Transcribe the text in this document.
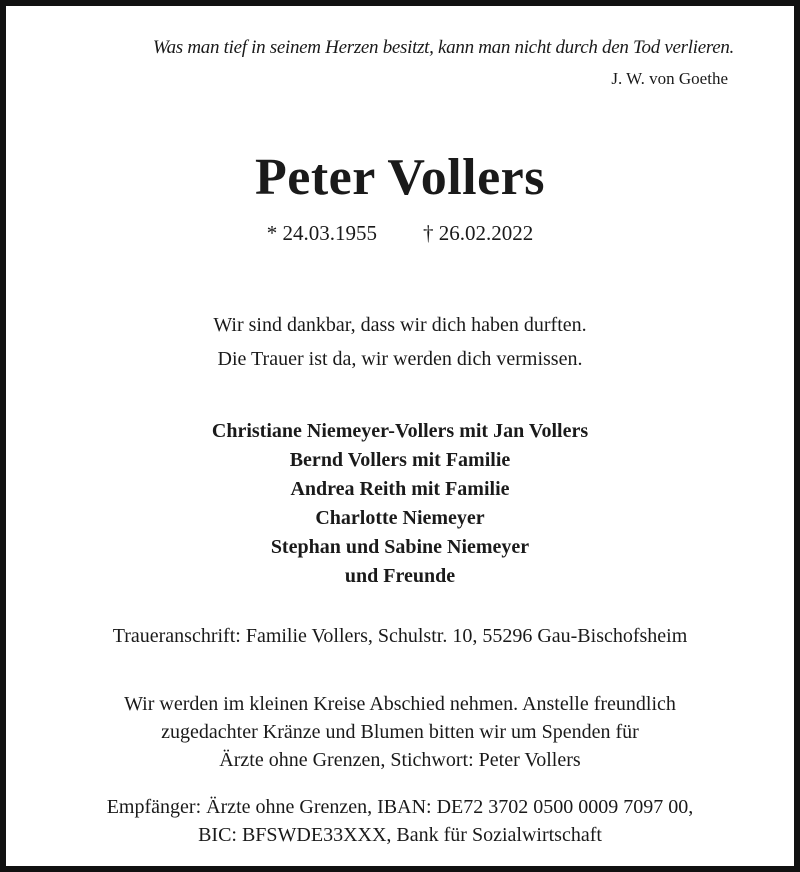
Was man tief in seinem Herzen besitzt, kann man nicht durch den Tod verlieren.
J. W. von Goethe
Peter Vollers
* 24.03.1955 † 26.02.2022
Wir sind dankbar, dass wir dich haben durften.
Die Trauer ist da, wir werden dich vermissen.
Christiane Niemeyer-Vollers mit Jan Vollers
Bernd Vollers mit Familie
Andrea Reith mit Familie
Charlotte Niemeyer
Stephan und Sabine Niemeyer
und Freunde
Traueranschrift: Familie Vollers, Schulstr. 10, 55296 Gau-Bischofsheim
Wir werden im kleinen Kreise Abschied nehmen. Anstelle freundlich
zugedachter Kränze und Blumen bitten wir um Spenden für
Ärzte ohne Grenzen, Stichwort: Peter Vollers
Empfänger: Ärzte ohne Grenzen, IBAN: DE72 3702 0500 0009 7097 00,
BIC: BFSWDE33XXX, Bank für Sozialwirtschaft
